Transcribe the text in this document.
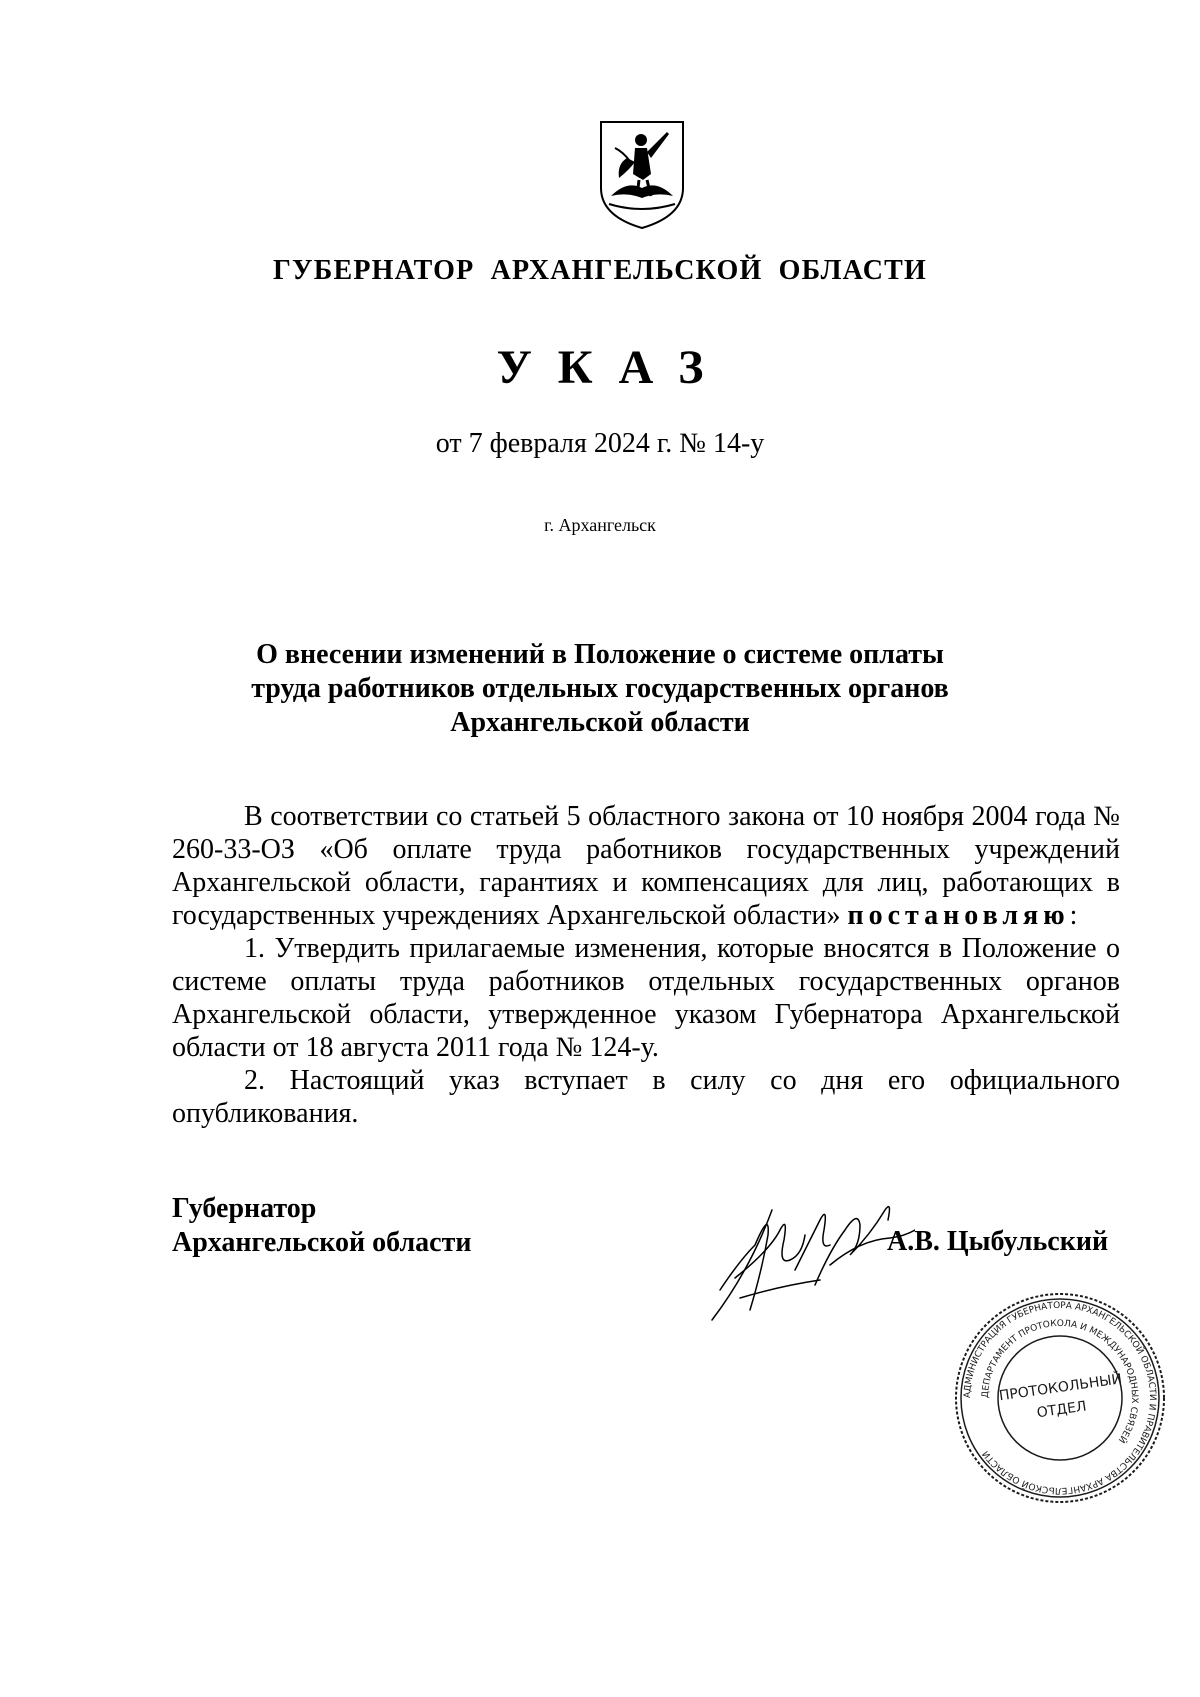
ГУБЕРНАТОР АРХАНГЕЛЬСКОЙ ОБЛАСТИ
УКАЗ
от 7 февраля 2024 г. № 14-у
г. Архангельск
О внесении изменений в Положение о системе оплаты
труда работников отдельных государственных органов
Архангельской области

В соответствии со статьей 5 областного закона от 10 ноября 2004 года № 260-33-ОЗ «Об оплате труда работников государственных учреждений Архангельской области, гарантиях и компенсациях для лиц, работающих в государственных учреждениях Архангельской области» постановляю:

1. Утвердить прилагаемые изменения, которые вносятся в Положение о системе оплаты труда работников отдельных государственных органов Архангельской области, утвержденное указом Губернатора Архангельской области от 18 августа 2011 года № 124-у.

2. Настоящий указ вступает в силу со дня его официального опубликования.

Губернатор
Архангельской области	А.В. Цыбульский
АДМИНИСТРАЦИЯ ГУБЕРНАТОРА АРХАНГЕЛЬСКОЙ ОБЛАСТИ И ПРАВИТЕЛЬСТВА АРХАНГЕЛЬСКОЙ ОБЛАСТИ
ДЕПАРТАМЕНТ ПРОТОКОЛА И МЕЖДУНАРОДНЫХ СВЯЗЕЙ
ПРОТОКОЛЬНЫЙ
ОТДЕЛ
